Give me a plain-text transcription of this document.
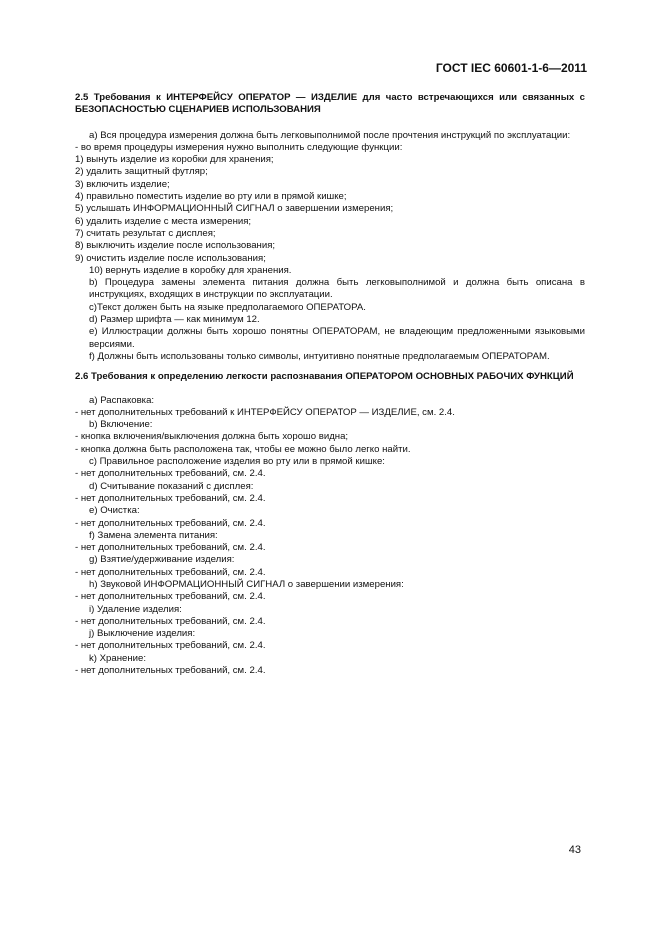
ГОСТ IEC 60601-1-6—2011

2.5 Требования к ИНТЕРФЕЙСУ ОПЕРАТОР — ИЗДЕЛИЕ для часто встречающихся или связанных с БЕЗОПАСНОСТЬЮ СЦЕНАРИЕВ ИСПОЛЬЗОВАНИЯ

а) Вся процедура измерения должна быть легковыполнимой после прочтения инструкций по эксплуатации:

- во время процедуры измерения нужно выполнить следующие функции:

1) вынуть изделие из коробки для хранения;

2) удалить защитный футляр;

3) включить изделие;

4) правильно поместить изделие во рту или в прямой кишке;

5) услышать ИНФОРМАЦИОННЫЙ СИГНАЛ о завершении измерения;

6) удалить изделие с места измерения;

7) считать результат с дисплея;

8) выключить изделие после использования;

9) очистить изделие после использования;

10) вернуть изделие в коробку для хранения.

b) Процедура замены элемента питания должна быть легковыполнимой и должна быть описана в инструкциях, входящих в инструкции по эксплуатации.

c)Текст должен быть на языке предполагаемого ОПЕРАТОРА.

d) Размер шрифта — как минимум 12.

e) Иллюстрации должны быть хорошо понятны ОПЕРАТОРАМ, не владеющим предложенными языковыми версиями.

f) Должны быть использованы только символы, интуитивно понятные предполагаемым ОПЕРАТОРАМ.

2.6 Требования к определению легкости распознавания ОПЕРАТОРОМ ОСНОВНЫХ РАБОЧИХ ФУНКЦИЙ

а) Распаковка:

- нет дополнительных требований к ИНТЕРФЕЙСУ ОПЕРАТОР — ИЗДЕЛИЕ, см. 2.4.

b) Включение:

- кнопка включения/выключения должна быть хорошо видна;

- кнопка должна быть расположена так, чтобы ее можно было легко найти.

c) Правильное расположение изделия во рту или в прямой кишке:

- нет дополнительных требований, см. 2.4.

d) Считывание показаний с дисплея:

- нет дополнительных требований, см. 2.4.

e) Очистка:

- нет дополнительных требований, см. 2.4.

f) Замена элемента питания:

- нет дополнительных требований, см. 2.4.

g) Взятие/удерживание изделия:

- нет дополнительных требований, см. 2.4.

h) Звуковой ИНФОРМАЦИОННЫЙ СИГНАЛ о завершении измерения:

- нет дополнительных требований, см. 2.4.

i) Удаление изделия:

- нет дополнительных требований, см. 2.4.

j) Выключение изделия:

- нет дополнительных требований, см. 2.4.

k) Хранение:

- нет дополнительных требований, см. 2.4.

43
